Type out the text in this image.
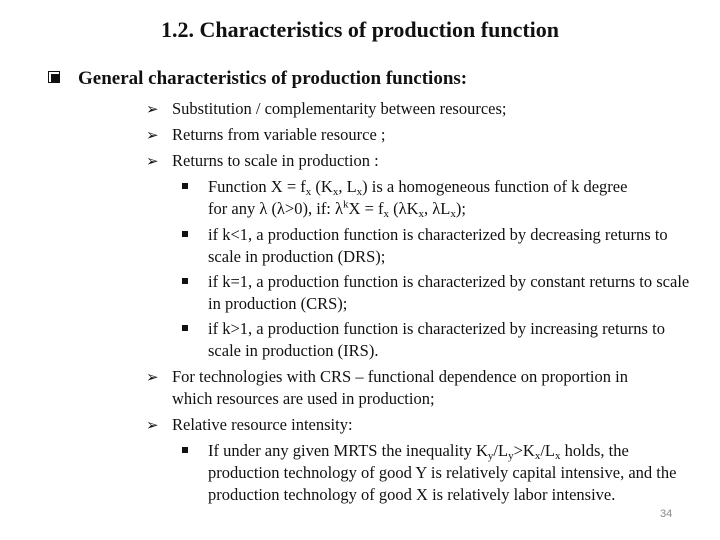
1.2. Characteristics of production function
General characteristics of production functions:
➢ Substitution / complementarity between resources;
➢ Returns from variable resource ;
➢ Returns to scale in production :
Function $X = f_x$ ($K_x$, $L_x$) is a homogeneous function of k degree
for any λ (λ>0), if: $\lambda^kX = f_x$ ($\lambda K_x$, $\lambda L_x$);
if k<1, a production function is characterized by decreasing returns to scale in production (DRS);
if k=1, a production function is characterized by constant returns to scale in production (CRS);
if k>1, a production function is characterized by increasing returns to scale in production (IRS).
➢ For technologies with CRS – functional dependence on proportion in
which resources are used in production;
➢ Relative resource intensity:
If under any given MRTS the inequality $K_y/L_y>K_x/L_x$ holds, the production technology of good Y is relatively capital intensive, and the production technology of good X is relatively labor intensive.
34
